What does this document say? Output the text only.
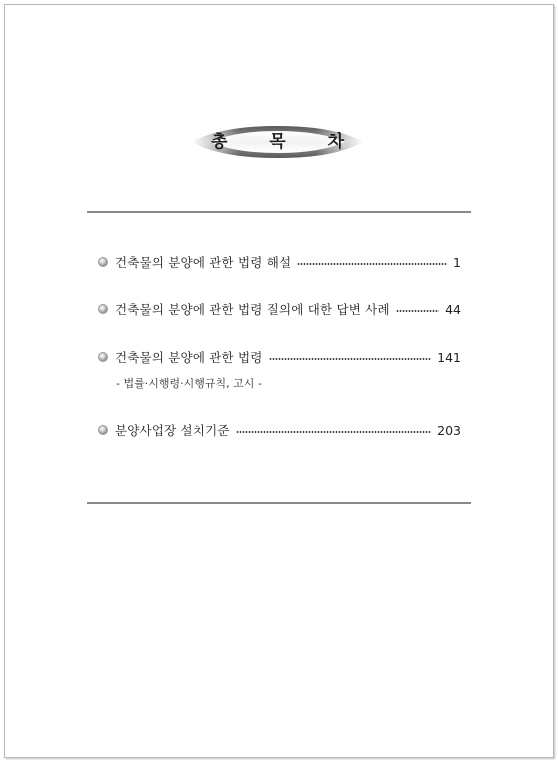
총 목 차
건축물의 분양에 관한 법령 해설	1
건축물의 분양에 관한 법령 질의에 대한 답변 사례	44
건축물의 분양에 관한 법령	141
- 법률·시행령·시행규칙, 고시 -
분양사업장 설치기준	203
